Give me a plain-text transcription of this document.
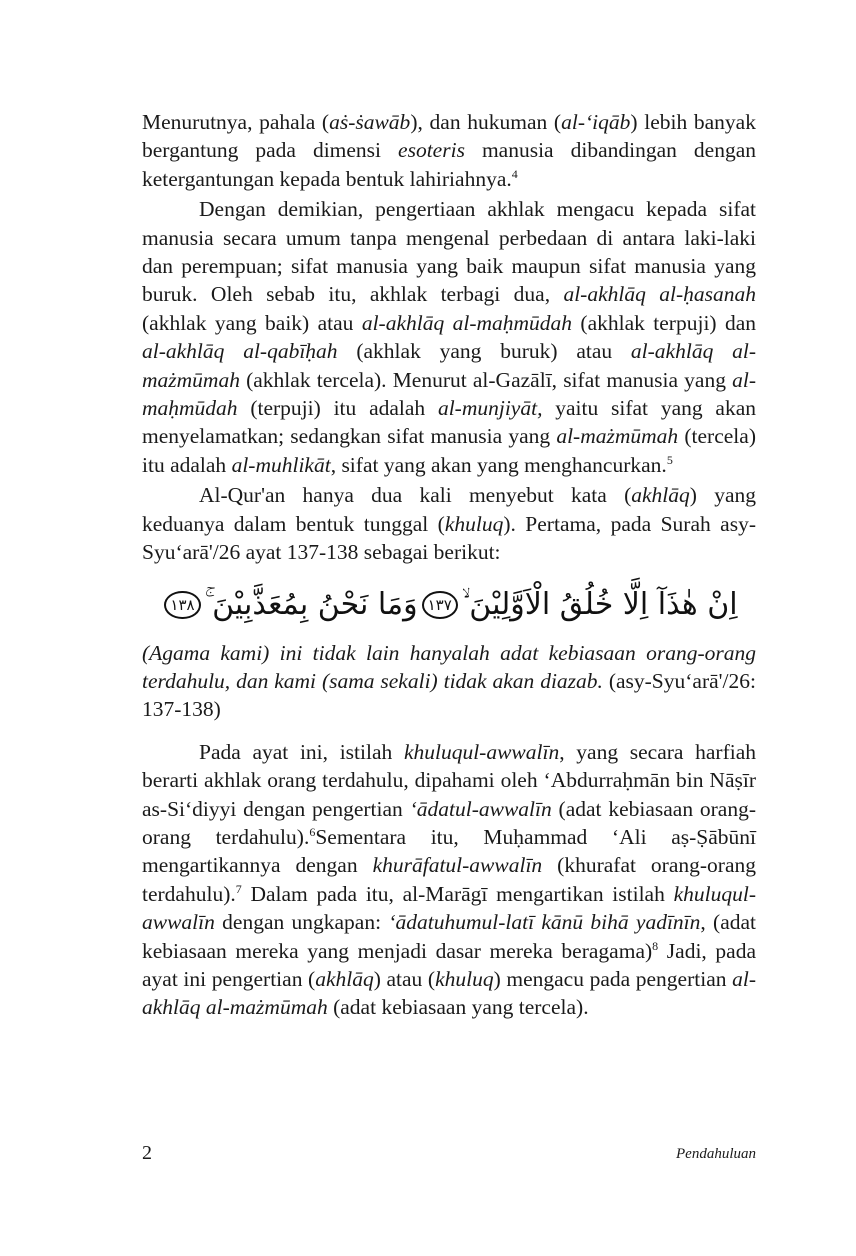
Menurutnya, pahala (aṡ-ṡawāb), dan hukuman (al-‘iqāb) lebih banyak bergantung pada dimensi esoteris manusia dibandingan dengan ketergantungan kepada bentuk lahiriahnya.$^4$

Dengan demikian, pengertiaan akhlak mengacu kepada sifat manusia secara umum tanpa mengenal perbedaan di antara laki-laki dan perempuan; sifat manusia yang baik maupun sifat manusia yang buruk. Oleh sebab itu, akhlak terbagi dua, al-akhlāq al-ḥasanah (akhlak yang baik) atau al-akhlāq al-maḥmūdah (akhlak terpuji) dan al-akhlāq al-qabīḥah (akhlak yang buruk) atau al-akhlāq al-mażmūmah (akhlak tercela). Menurut al-Gazālī, sifat manusia yang al-maḥmūdah (terpuji) itu adalah al-munjiyāt, yaitu sifat yang akan menyelamatkan; sedangkan sifat manusia yang al-mażmūmah (tercela) itu adalah al-muhlikāt, sifat yang akan yang menghancurkan.$^5$

Al-Qur'an hanya dua kali menyebut kata (akhlāq) yang keduanya dalam bentuk tunggal (khuluq). Pertama, pada Surah asy-Syu‘arā'/26 ayat 137-138 sebagai berikut:

اِنْ هٰذَآ اِلَّا خُلُقُ الْاَوَّلِيْنَ ۙ١٣٧وَمَا نَحْنُ بِمُعَذَّبِيْنَ ۚ١٣٨

(Agama kami) ini tidak lain hanyalah adat kebiasaan orang-orang terdahulu, dan kami (sama sekali) tidak akan diazab. (asy-Syu‘arā'/26: 137-138)

Pada ayat ini, istilah khuluqul-awwalīn, yang secara harfiah berarti akhlak orang terdahulu, dipahami oleh ‘Abdurraḥmān bin Nāṣīr as-Si‘diyyi dengan pengertian ‘ādatul-awwalīn (adat kebiasaan orang-orang terdahulu).$^6$Sementara itu, Muḥammad ‘Ali aṣ-Ṣābūnī mengartikannya dengan khurāfatul-awwalīn (khurafat orang-orang terdahulu).$^7$ Dalam pada itu, al-Marāgī mengartikan istilah khuluqul-awwalīn dengan ungkapan: ‘ādatuhumul-latī kānū bihā yadīnīn, (adat kebiasaan mereka yang menjadi dasar mereka beragama)$^8$ Jadi, pada ayat ini pengertian (akhlāq) atau (khuluq) mengacu pada pengertian al-akhlāq al-mażmūmah (adat kebiasaan yang tercela).

2	Pendahuluan
